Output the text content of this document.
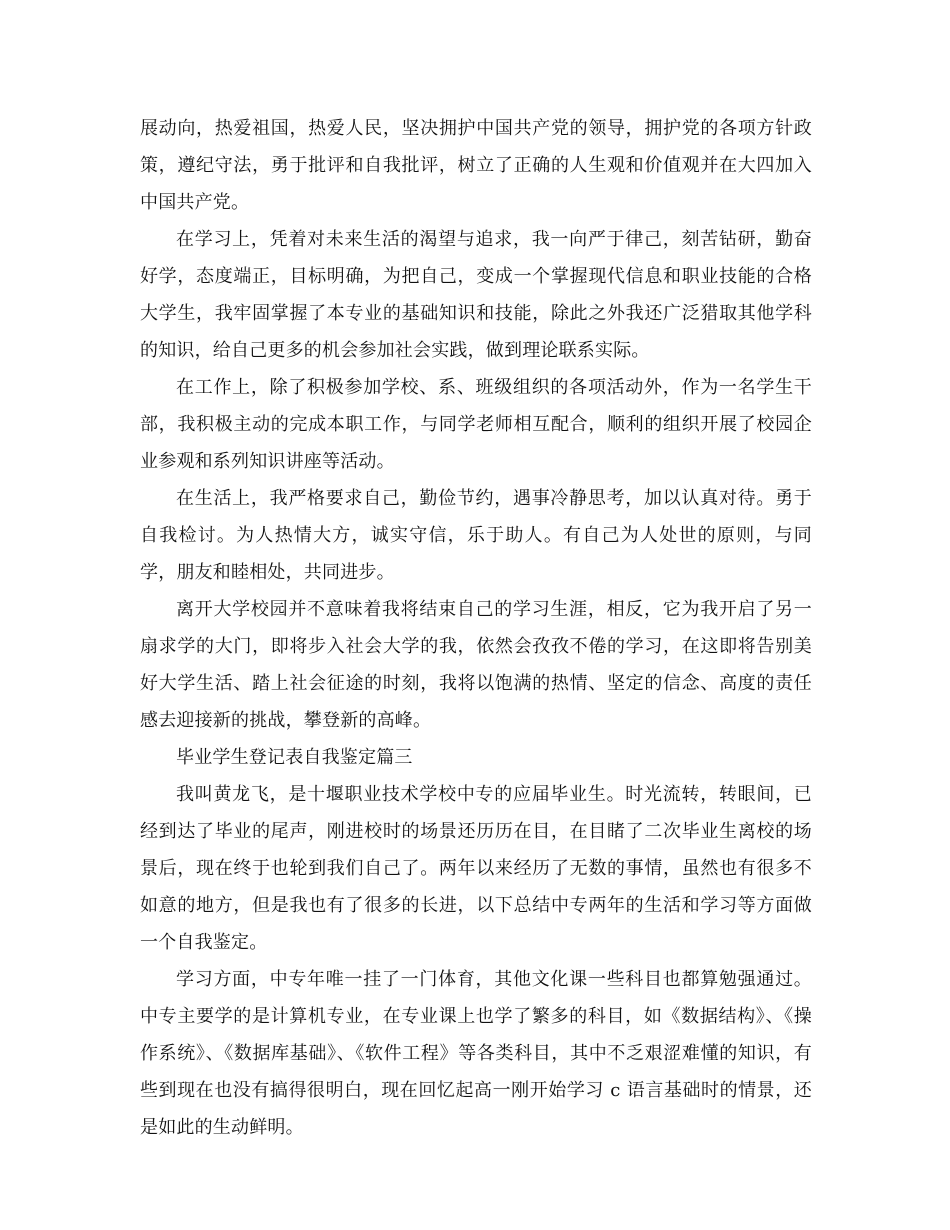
展动向，热爱祖国，热爱人民，坚决拥护中国共产党的领导，拥护党的各项方针政策，遵纪守法，勇于批评和自我批评，树立了正确的人生观和价值观并在大四加入中国共产党。

在学习上，凭着对未来生活的渴望与追求，我一向严于律己，刻苦钻研，勤奋好学，态度端正，目标明确，为把自己，变成一个掌握现代信息和职业技能的合格大学生，我牢固掌握了本专业的基础知识和技能，除此之外我还广泛猎取其他学科的知识，给自己更多的机会参加社会实践，做到理论联系实际。

在工作上，除了积极参加学校、系、班级组织的各项活动外，作为一名学生干部，我积极主动的完成本职工作，与同学老师相互配合，顺利的组织开展了校园企业参观和系列知识讲座等活动。

在生活上，我严格要求自己，勤俭节约，遇事冷静思考，加以认真对待。勇于自我检讨。为人热情大方，诚实守信，乐于助人。有自己为人处世的原则，与同学，朋友和睦相处，共同进步。

离开大学校园并不意味着我将结束自己的学习生涯，相反，它为我开启了另一扇求学的大门，即将步入社会大学的我，依然会孜孜不倦的学习，在这即将告别美好大学生活、踏上社会征途的时刻，我将以饱满的热情、坚定的信念、高度的责任感去迎接新的挑战，攀登新的高峰。

毕业学生登记表自我鉴定篇三

我叫黄龙飞，是十堰职业技术学校中专的应届毕业生。时光流转，转眼间，已经到达了毕业的尾声，刚进校时的场景还历历在目，在目睹了二次毕业生离校的场景后，现在终于也轮到我们自己了。两年以来经历了无数的事情，虽然也有很多不如意的地方，但是我也有了很多的长进，以下总结中专两年的生活和学习等方面做一个自我鉴定。

学习方面，中专年唯一挂了一门体育，其他文化课一些科目也都算勉强通过。中专主要学的是计算机专业，在专业课上也学了繁多的科目，如《数据结构》、《操作系统》、《数据库基础》、《软件工程》等各类科目，其中不乏艰涩难懂的知识，有些到现在也没有搞得很明白，现在回忆起高一刚开始学习 c 语言基础时的情景，还是如此的生动鲜明。
